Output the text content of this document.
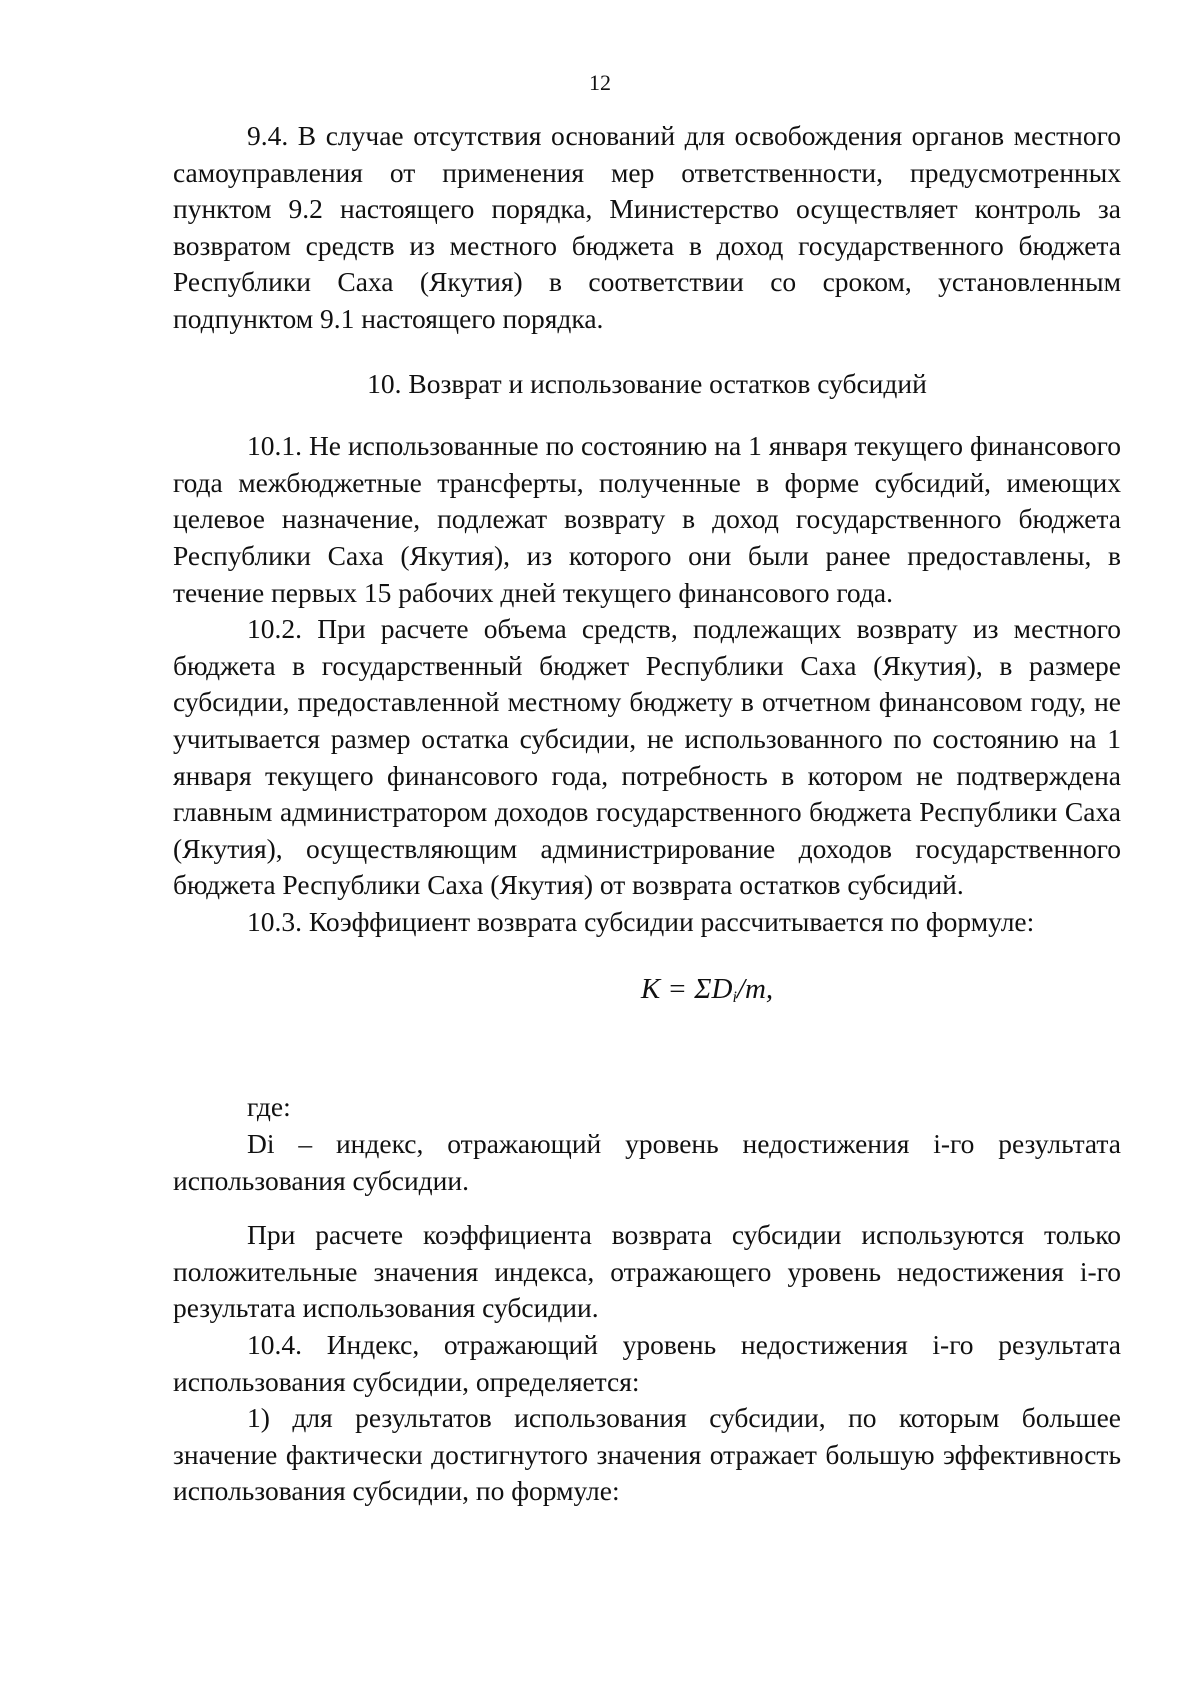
12

9.4. В случае отсутствия оснований для освобождения органов местного самоуправления от применения мер ответственности, предусмотренных пунктом 9.2 настоящего порядка, Министерство осуществляет контроль за возвратом средств из местного бюджета в доход государственного бюджета Республики Саха (Якутия) в соответствии со сроком, установленным подпунктом 9.1 настоящего порядка.

10. Возврат и использование остатков субсидий

10.1. Не использованные по состоянию на 1 января текущего финансового года межбюджетные трансферты, полученные в форме субсидий, имеющих целевое назначение, подлежат возврату в доход государственного бюджета Республики Саха (Якутия), из которого они были ранее предоставлены, в течение первых 15 рабочих дней текущего финансового года.

10.2. При расчете объема средств, подлежащих возврату из местного бюджета в государственный бюджет Республики Саха (Якутия), в размере субсидии, предоставленной местному бюджету в отчетном финансовом году, не учитывается размер остатка субсидии, не использованного по состоянию на 1 января текущего финансового года, потребность в котором не подтверждена главным администратором доходов государственного бюджета Республики Саха (Якутия), осуществляющим администрирование доходов государственного бюджета Республики Саха (Якутия) от возврата остатков субсидий.

10.3. Коэффициент возврата субсидии рассчитывается по формуле:

$K = \Sigma D_i/m$,

где:

Di – индекс, отражающий уровень недостижения i-го результата использования субсидии.

При расчете коэффициента возврата субсидии используются только положительные значения индекса, отражающего уровень недостижения i-го результата использования субсидии.

10.4. Индекс, отражающий уровень недостижения i-го результата использования субсидии, определяется:

1) для результатов использования субсидии, по которым большее значение фактически достигнутого значения отражает большую эффективность использования субсидии, по формуле:
